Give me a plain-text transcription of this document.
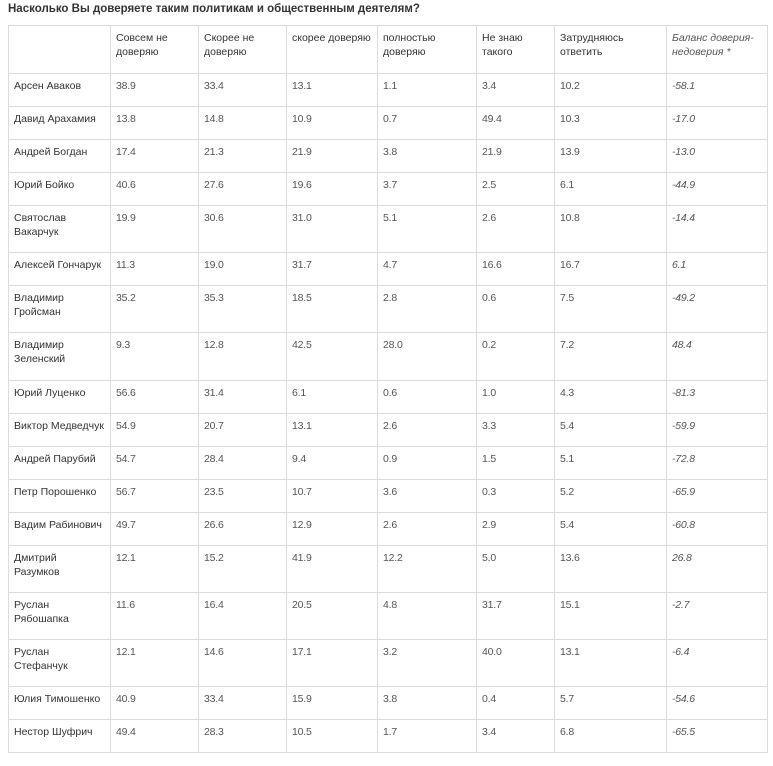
Насколько Вы доверяете таким политикам и общественным деятелям?
	Совсем не доверяю	Скорее не доверяю	скорее доверяю	полностью доверяю	Не знаю такого	Затрудняюсь ответить	Баланс доверия-недоверия *
Арсен Аваков	38.9	33.4	13.1	1.1	3.4	10.2	-58.1
Давид Арахамия	13.8	14.8	10.9	0.7	49.4	10.3	-17.0
Андрей Богдан	17.4	21.3	21.9	3.8	21.9	13.9	-13.0
Юрий Бойко	40.6	27.6	19.6	3.7	2.5	6.1	-44.9
Святослав Вакарчук	19.9	30.6	31.0	5.1	2.6	10.8	-14.4
Алексей Гончарук	11.3	19.0	31.7	4.7	16.6	16.7	6.1
Владимир Гройсман	35.2	35.3	18.5	2.8	0.6	7.5	-49.2
Владимир Зеленский	9.3	12.8	42.5	28.0	0.2	7.2	48.4
Юрий Луценко	56.6	31.4	6.1	0.6	1.0	4.3	-81.3
Виктор Медведчук	54.9	20.7	13.1	2.6	3.3	5.4	-59.9
Андрей Парубий	54.7	28.4	9.4	0.9	1.5	5.1	-72.8
Петр Порошенко	56.7	23.5	10.7	3.6	0.3	5.2	-65.9
Вадим Рабинович	49.7	26.6	12.9	2.6	2.9	5.4	-60.8
Дмитрий Разумков	12.1	15.2	41.9	12.2	5.0	13.6	26.8
Руслан Рябошапка	11.6	16.4	20.5	4.8	31.7	15.1	-2.7
Руслан Стефанчук	12.1	14.6	17.1	3.2	40.0	13.1	-6.4
Юлия Тимошенко	40.9	33.4	15.9	3.8	0.4	5.7	-54.6
Нестор Шуфрич	49.4	28.3	10.5	1.7	3.4	6.8	-65.5
